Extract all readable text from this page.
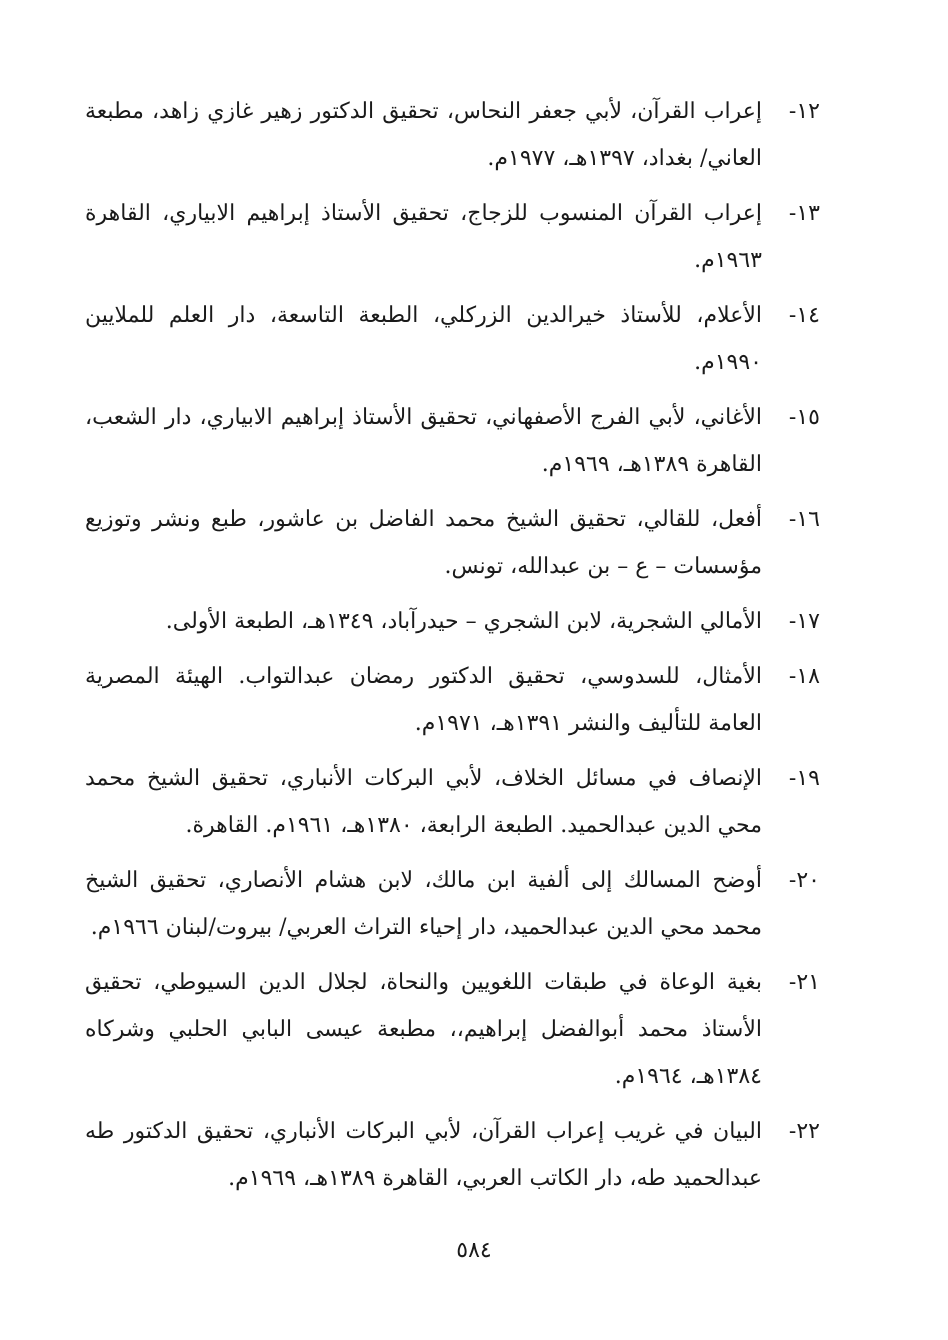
١٢-
إعراب القرآن، لأبي جعفر النحاس، تحقيق الدكتور زهير غازي زاهد، مطبعة العاني/ بغداد، ١٣٩٧هـ، ١٩٧٧م.
١٣-
إعراب القرآن المنسوب للزجاج، تحقيق الأستاذ إبراهيم الابياري، القاهرة ١٩٦٣م.
١٤-
الأعلام، للأستاذ خيرالدين الزركلي، الطبعة التاسعة، دار العلم للملايين ١٩٩٠م.
١٥-
الأغاني، لأبي الفرج الأصفهاني، تحقيق الأستاذ إبراهيم الابياري، دار الشعب، القاهرة ١٣٨٩هـ، ١٩٦٩م.
١٦-
أفعل، للقالي، تحقيق الشيخ محمد الفاضل بن عاشور، طبع ونشر وتوزيع مؤسسات – ع – بن عبدالله، تونس.
١٧-
الأمالي الشجرية، لابن الشجري – حيدرآباد، ١٣٤٩هـ، الطبعة الأولى.
١٨-
الأمثال، للسدوسي، تحقيق الدكتور رمضان عبدالتواب. الهيئة المصرية العامة للتأليف والنشر ١٣٩١هـ، ١٩٧١م.
١٩-
الإنصاف في مسائل الخلاف، لأبي البركات الأنباري، تحقيق الشيخ محمد محي الدين عبدالحميد. الطبعة الرابعة، ١٣٨٠هـ، ١٩٦١م. القاهرة.
٢٠-
أوضح المسالك إلى ألفية ابن مالك، لابن هشام الأنصاري، تحقيق الشيخ محمد محي الدين عبدالحميد، دار إحياء التراث العربي/ بيروت/لبنان ١٩٦٦م.
٢١-
بغية الوعاة في طبقات اللغويين والنحاة، لجلال الدين السيوطي، تحقيق الأستاذ محمد أبوالفضل إبراهيم،، مطبعة عيسى البابي الحلبي وشركاه ١٣٨٤هـ، ١٩٦٤م.
٢٢-
البيان في غريب إعراب القرآن، لأبي البركات الأنباري، تحقيق الدكتور طه عبدالحميد طه، دار الكاتب العربي، القاهرة ١٣٨٩هـ، ١٩٦٩م.
٥٨٤
